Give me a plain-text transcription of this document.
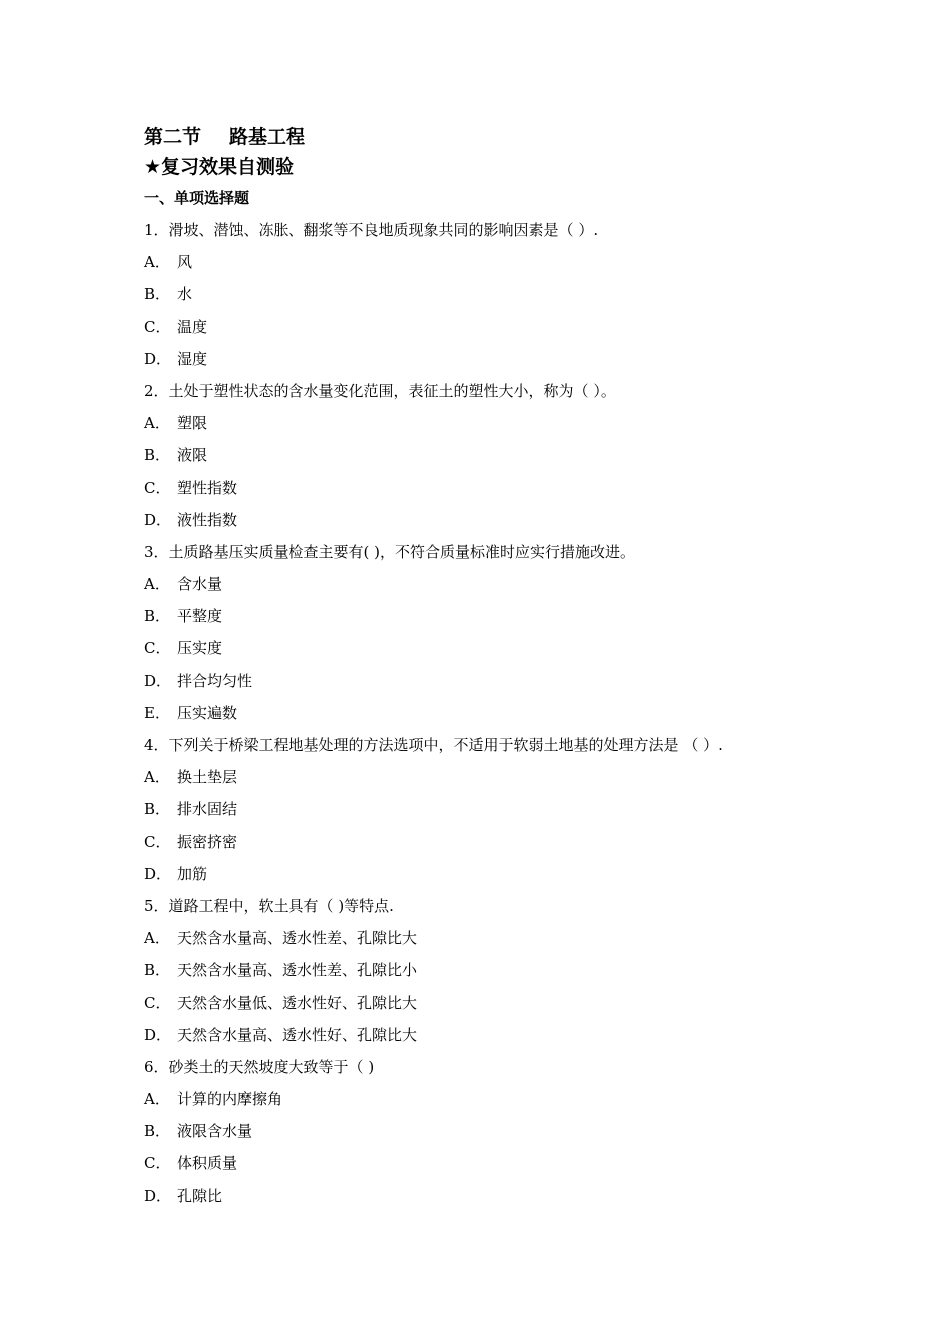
第二节 路基工程
★复习效果自测验
一、单项选择题
1．滑坡、潜蚀、冻胀、翻浆等不良地质现象共同的影响因素是（ ）.
A． 风
B． 水
C． 温度
D． 湿度
2．土处于塑性状态的含水量变化范围，表征土的塑性大小，称为（ ）。
A． 塑限
B． 液限
C． 塑性指数
D． 液性指数
3．土质路基压实质量检查主要有( )，不符合质量标准时应实行措施改进。
A． 含水量
B． 平整度
C． 压实度
D． 拌合均匀性
E． 压实遍数
4．下列关于桥梁工程地基处理的方法选项中，不适用于软弱土地基的处理方法是 （ ）.
A． 换土垫层
B． 排水固结
C． 振密挤密
D． 加筋
5．道路工程中，软土具有（ )等特点.
A． 天然含水量高、透水性差、孔隙比大
B． 天然含水量高、透水性差、孔隙比小
C． 天然含水量低、透水性好、孔隙比大
D． 天然含水量高、透水性好、孔隙比大
6．砂类土的天然坡度大致等于（ )
A． 计算的内摩擦角
B． 液限含水量
C． 体积质量
D． 孔隙比
